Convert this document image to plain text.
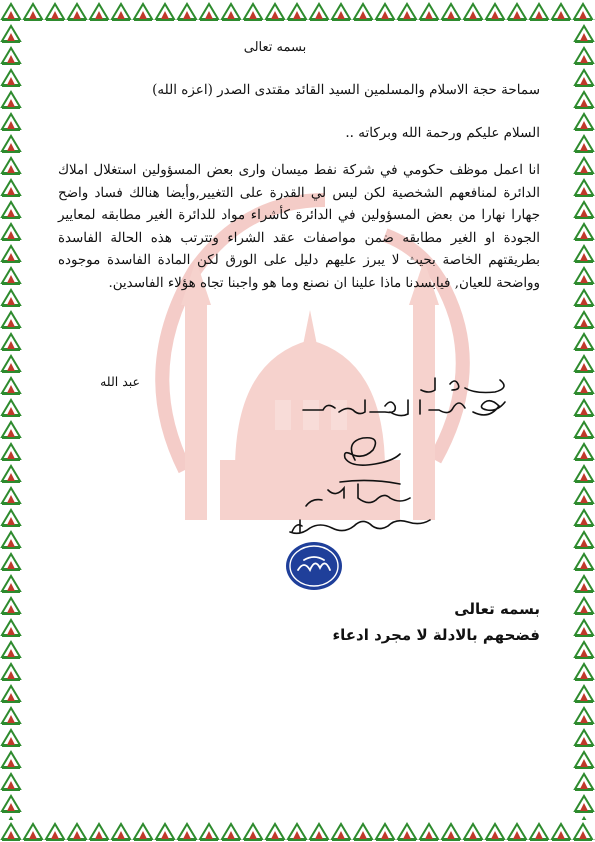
بسمه تعالى
سماحة حجة الاسلام والمسلمين السيد القائد مقتدى الصدر (اعزه الله)
السلام عليكم ورحمة الله وبركاته ..
انا اعمل موظف حكومي في شركة نفط ميسان وارى بعض المسؤولين استغلال املاك الدائرة لمنافعهم الشخصية لكن ليس لي القدرة على التغيير,وأيضا هنالك فساد واضح جهارا نهارا من بعض المسؤولين في الدائرة كأشراء مواد للدائرة الغير مطابقه لمعايير الجودة او الغير مطابقه ضمن مواصفات عقد الشراء وتترتب هذه الحالة الفاسدة بطريقتهم الخاصة بحيث لا يبرز عليهم دليل على الورق لكن المادة الفاسدة موجوده وواضحة للعيان, فيابسدنا ماذا علينا ان نصنع وما هو واجبنا تجاه هؤلاء الفاسدين.
عبد الله
بسمه تعالى
فضحهم بالادلة لا مجرد ادعاء
